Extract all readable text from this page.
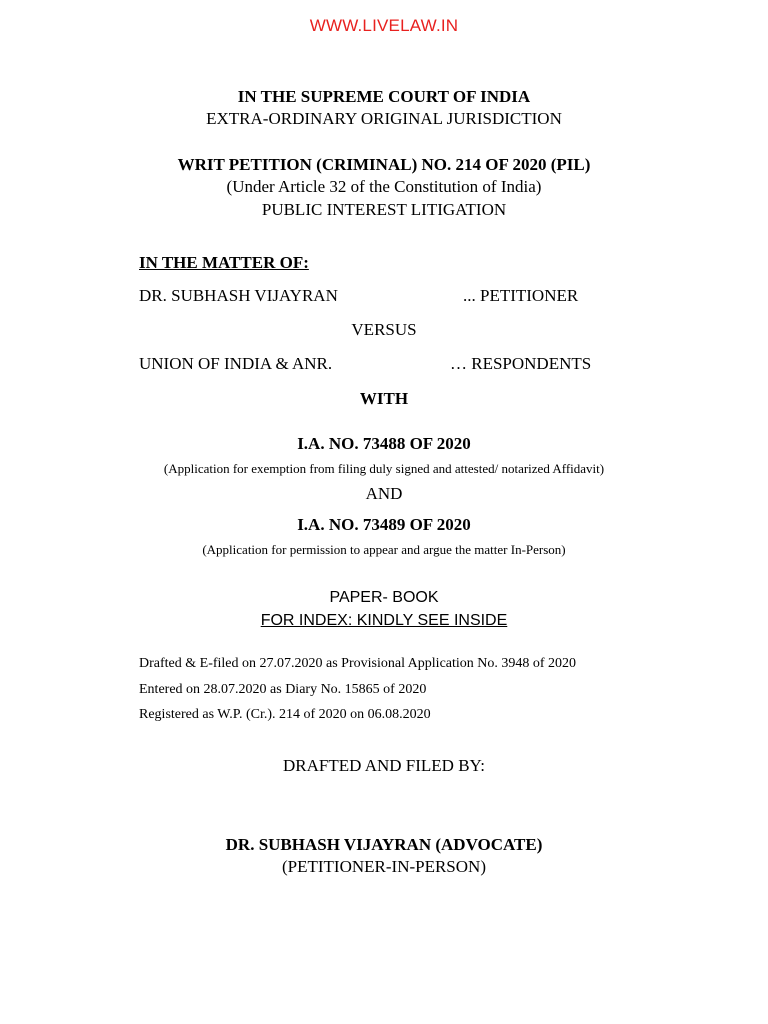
WWW.LIVELAW.IN
IN THE SUPREME COURT OF INDIA
EXTRA-ORDINARY ORIGINAL JURISDICTION
WRIT PETITION (CRIMINAL) NO. 214 OF 2020 (PIL)
(Under Article 32 of the Constitution of India)
PUBLIC INTEREST LITIGATION
IN THE MATTER OF:
DR. SUBHASH VIJAYRAN	... PETITIONER
VERSUS
UNION OF INDIA & ANR.	… RESPONDENTS
WITH
I.A. NO. 73488 OF 2020
(Application for exemption from filing duly signed and attested/ notarized Affidavit)
AND
I.A. NO. 73489 OF 2020
(Application for permission to appear and argue the matter In-Person)
PAPER- BOOK
FOR INDEX: KINDLY SEE INSIDE
Drafted & E-filed on 27.07.2020 as Provisional Application No. 3948 of 2020
Entered on 28.07.2020 as Diary No. 15865 of 2020
Registered as W.P. (Cr.). 214 of 2020 on 06.08.2020
DRAFTED AND FILED BY:
DR. SUBHASH VIJAYRAN (ADVOCATE)
(PETITIONER-IN-PERSON)
